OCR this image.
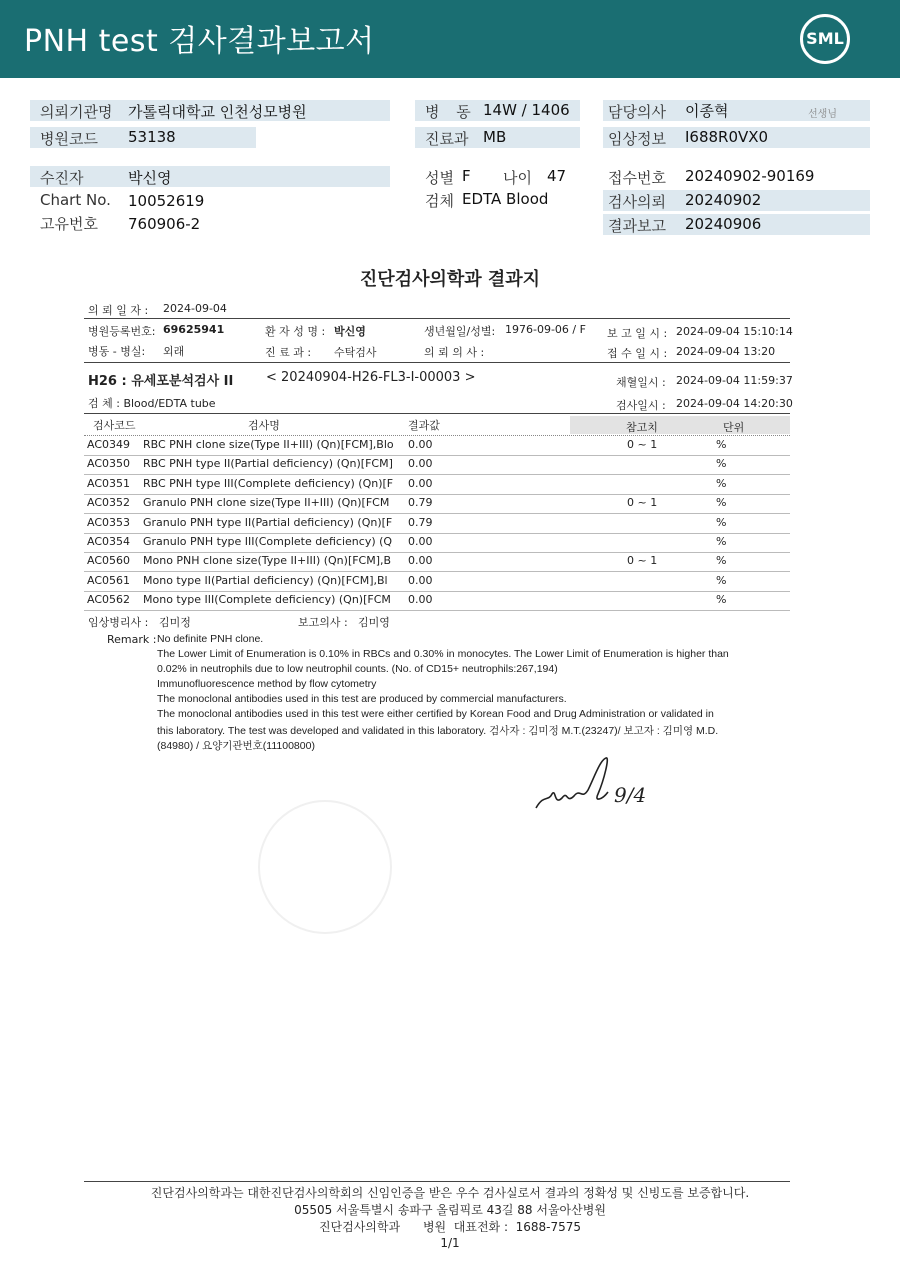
PNH test 검사결과보고서	SML
의뢰기관명 가톨릭대학교 인천성모병원
병원코드 53138
병 동 14W / 1406
진료과 MB
담당의사 이종혁	선생님
임상정보 I688R0VX0
수진자	박신영
Chart No. 10052619
고유번호 760906-2
성별 F 나이 47
검체 EDTA Blood
접수번호 20240902-90169
검사의뢰 20240902
결과보고 20240906
진단검사의학과 결과지
의 뢰 일 자 : 2024-09-04
병원등록번호: 69625941	환 자 성 명 : 박신영	생년월일/성별: 1976-09-06 / F 보 고 일 시 : 2024-09-04 15:10:14
병동 - 병실: 외래	진 료 과 : 수탁검사	의 뢰 의 사 :	접 수 일 시 : 2024-09-04 13:20
H26 : 유세포분석검사 II	< 20240904-H26-FL3-I-00003 >	채혈일시 : 2024-09-04 11:59:37
검 체 : Blood/EDTA tube	검사일시 : 2024-09-04 14:20:30
검사코드	검사명	결과값	참고치	단위
AC0349 RBC PNH clone size(Type II+III) (Qn)[FCM],Blo 0.00	0 ~ 1	%
AC0350 RBC PNH type II(Partial deficiency) (Qn)[FCM] 0.00	%
AC0351 RBC PNH type III(Complete deficiency) (Qn)[F 0.00	%
AC0352 Granulo PNH clone size(Type II+III) (Qn)[FCM 0.79	0 ~ 1	%
AC0353 Granulo PNH type II(Partial deficiency) (Qn)[F 0.79	%
AC0354 Granulo PNH type III(Complete deficiency) (Q 0.00	%
AC0560 Mono PNH clone size(Type II+III) (Qn)[FCM],B 0.00	0 ~ 1	%
AC0561 Mono type II(Partial deficiency) (Qn)[FCM],Bl 0.00	%
AC0562 Mono type III(Complete deficiency) (Qn)[FCM 0.00	%
임상병리사 : 김미정	보고의사 : 김미영
Remark : No definite PNH clone.
The Lower Limit of Enumeration is 0.10% in RBCs and 0.30% in monocytes. The Lower Limit of Enumeration is higher than
0.02% in neutrophils due to low neutrophil counts. (No. of CD15+ neutrophils:267,194)
Immunofluorescence method by flow cytometry
The monoclonal antibodies used in this test are produced by commercial manufacturers.
The monoclonal antibodies used in this test were either certified by Korean Food and Drug Administration or validated in
this laboratory. The test was developed and validated in this laboratory. 검사자 : 김미정 M.T.(23247)/ 보고자 : 김미영 M.D.
(84980) / 요양기관번호(11100800)
9/4
진단검사의학과는 대한진단검사의학회의 신임인증을 받은 우수 검사실로서 결과의 정확성 및 신빙도를 보증합니다.
05505 서울특별시 송파구 올림픽로 43길 88 서울아산병원
진단검사의학과      병원  대표전화 :  1688-7575
1/1
